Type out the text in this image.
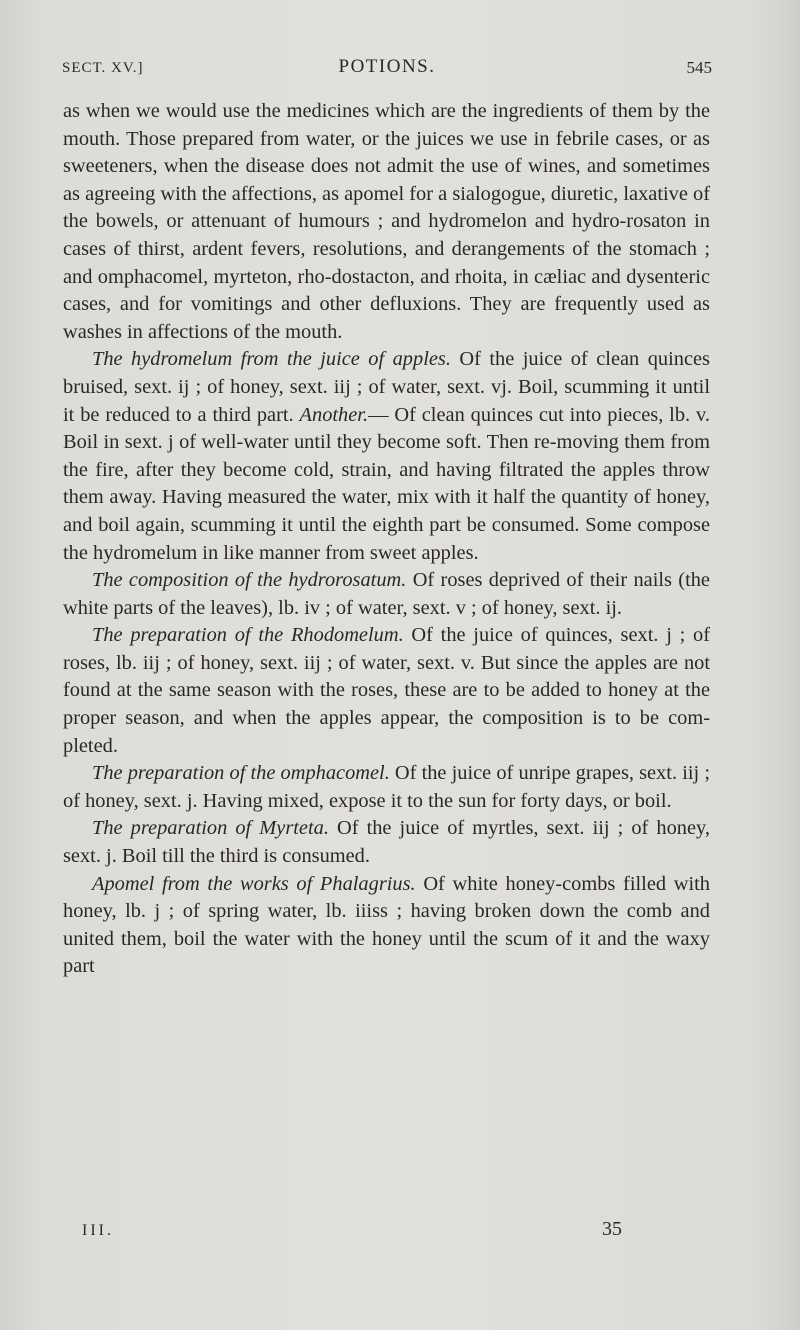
SECT. XV.]	POTIONS.	545

as when we would use the medicines which are the ingredients of them by the mouth. Those prepared from water, or the juices we use in febrile cases, or as sweeteners, when the disease does not admit the use of wines, and sometimes as agreeing with the affections, as apomel for a sialogogue, diuretic, laxative of the bowels, or attenuant of humours ; and hydromelon and hydro-rosaton in cases of thirst, ardent fevers, resolutions, and derangements of the stomach ; and omphacomel, myrteton, rho-dostacton, and rhoita, in cæliac and dysenteric cases, and for vomitings and other defluxions. They are frequently used as washes in affections of the mouth.

The hydromelum from the juice of apples. Of the juice of clean quinces bruised, sext. ij ; of honey, sext. iij ; of water, sext. vj. Boil, scumming it until it be reduced to a third part. Another.— Of clean quinces cut into pieces, lb. v. Boil in sext. j of well-water until they become soft. Then re-moving them from the fire, after they become cold, strain, and having filtrated the apples throw them away. Having measured the water, mix with it half the quantity of honey, and boil again, scumming it until the eighth part be consumed. Some compose the hydromelum in like manner from sweet apples.

The composition of the hydrorosatum. Of roses deprived of their nails (the white parts of the leaves), lb. iv ; of water, sext. v ; of honey, sext. ij.

The preparation of the Rhodomelum. Of the juice of quinces, sext. j ; of roses, lb. iij ; of honey, sext. iij ; of water, sext. v. But since the apples are not found at the same season with the roses, these are to be added to honey at the proper season, and when the apples appear, the composition is to be com-pleted.

The preparation of the omphacomel. Of the juice of unripe grapes, sext. iij ; of honey, sext. j. Having mixed, expose it to the sun for forty days, or boil.

The preparation of Myrteta. Of the juice of myrtles, sext. iij ; of honey, sext. j. Boil till the third is consumed.

Apomel from the works of Phalagrius. Of white honey-combs filled with honey, lb. j ; of spring water, lb. iiiss ; having broken down the comb and united them, boil the water with the honey until the scum of it and the waxy part

III.	35
